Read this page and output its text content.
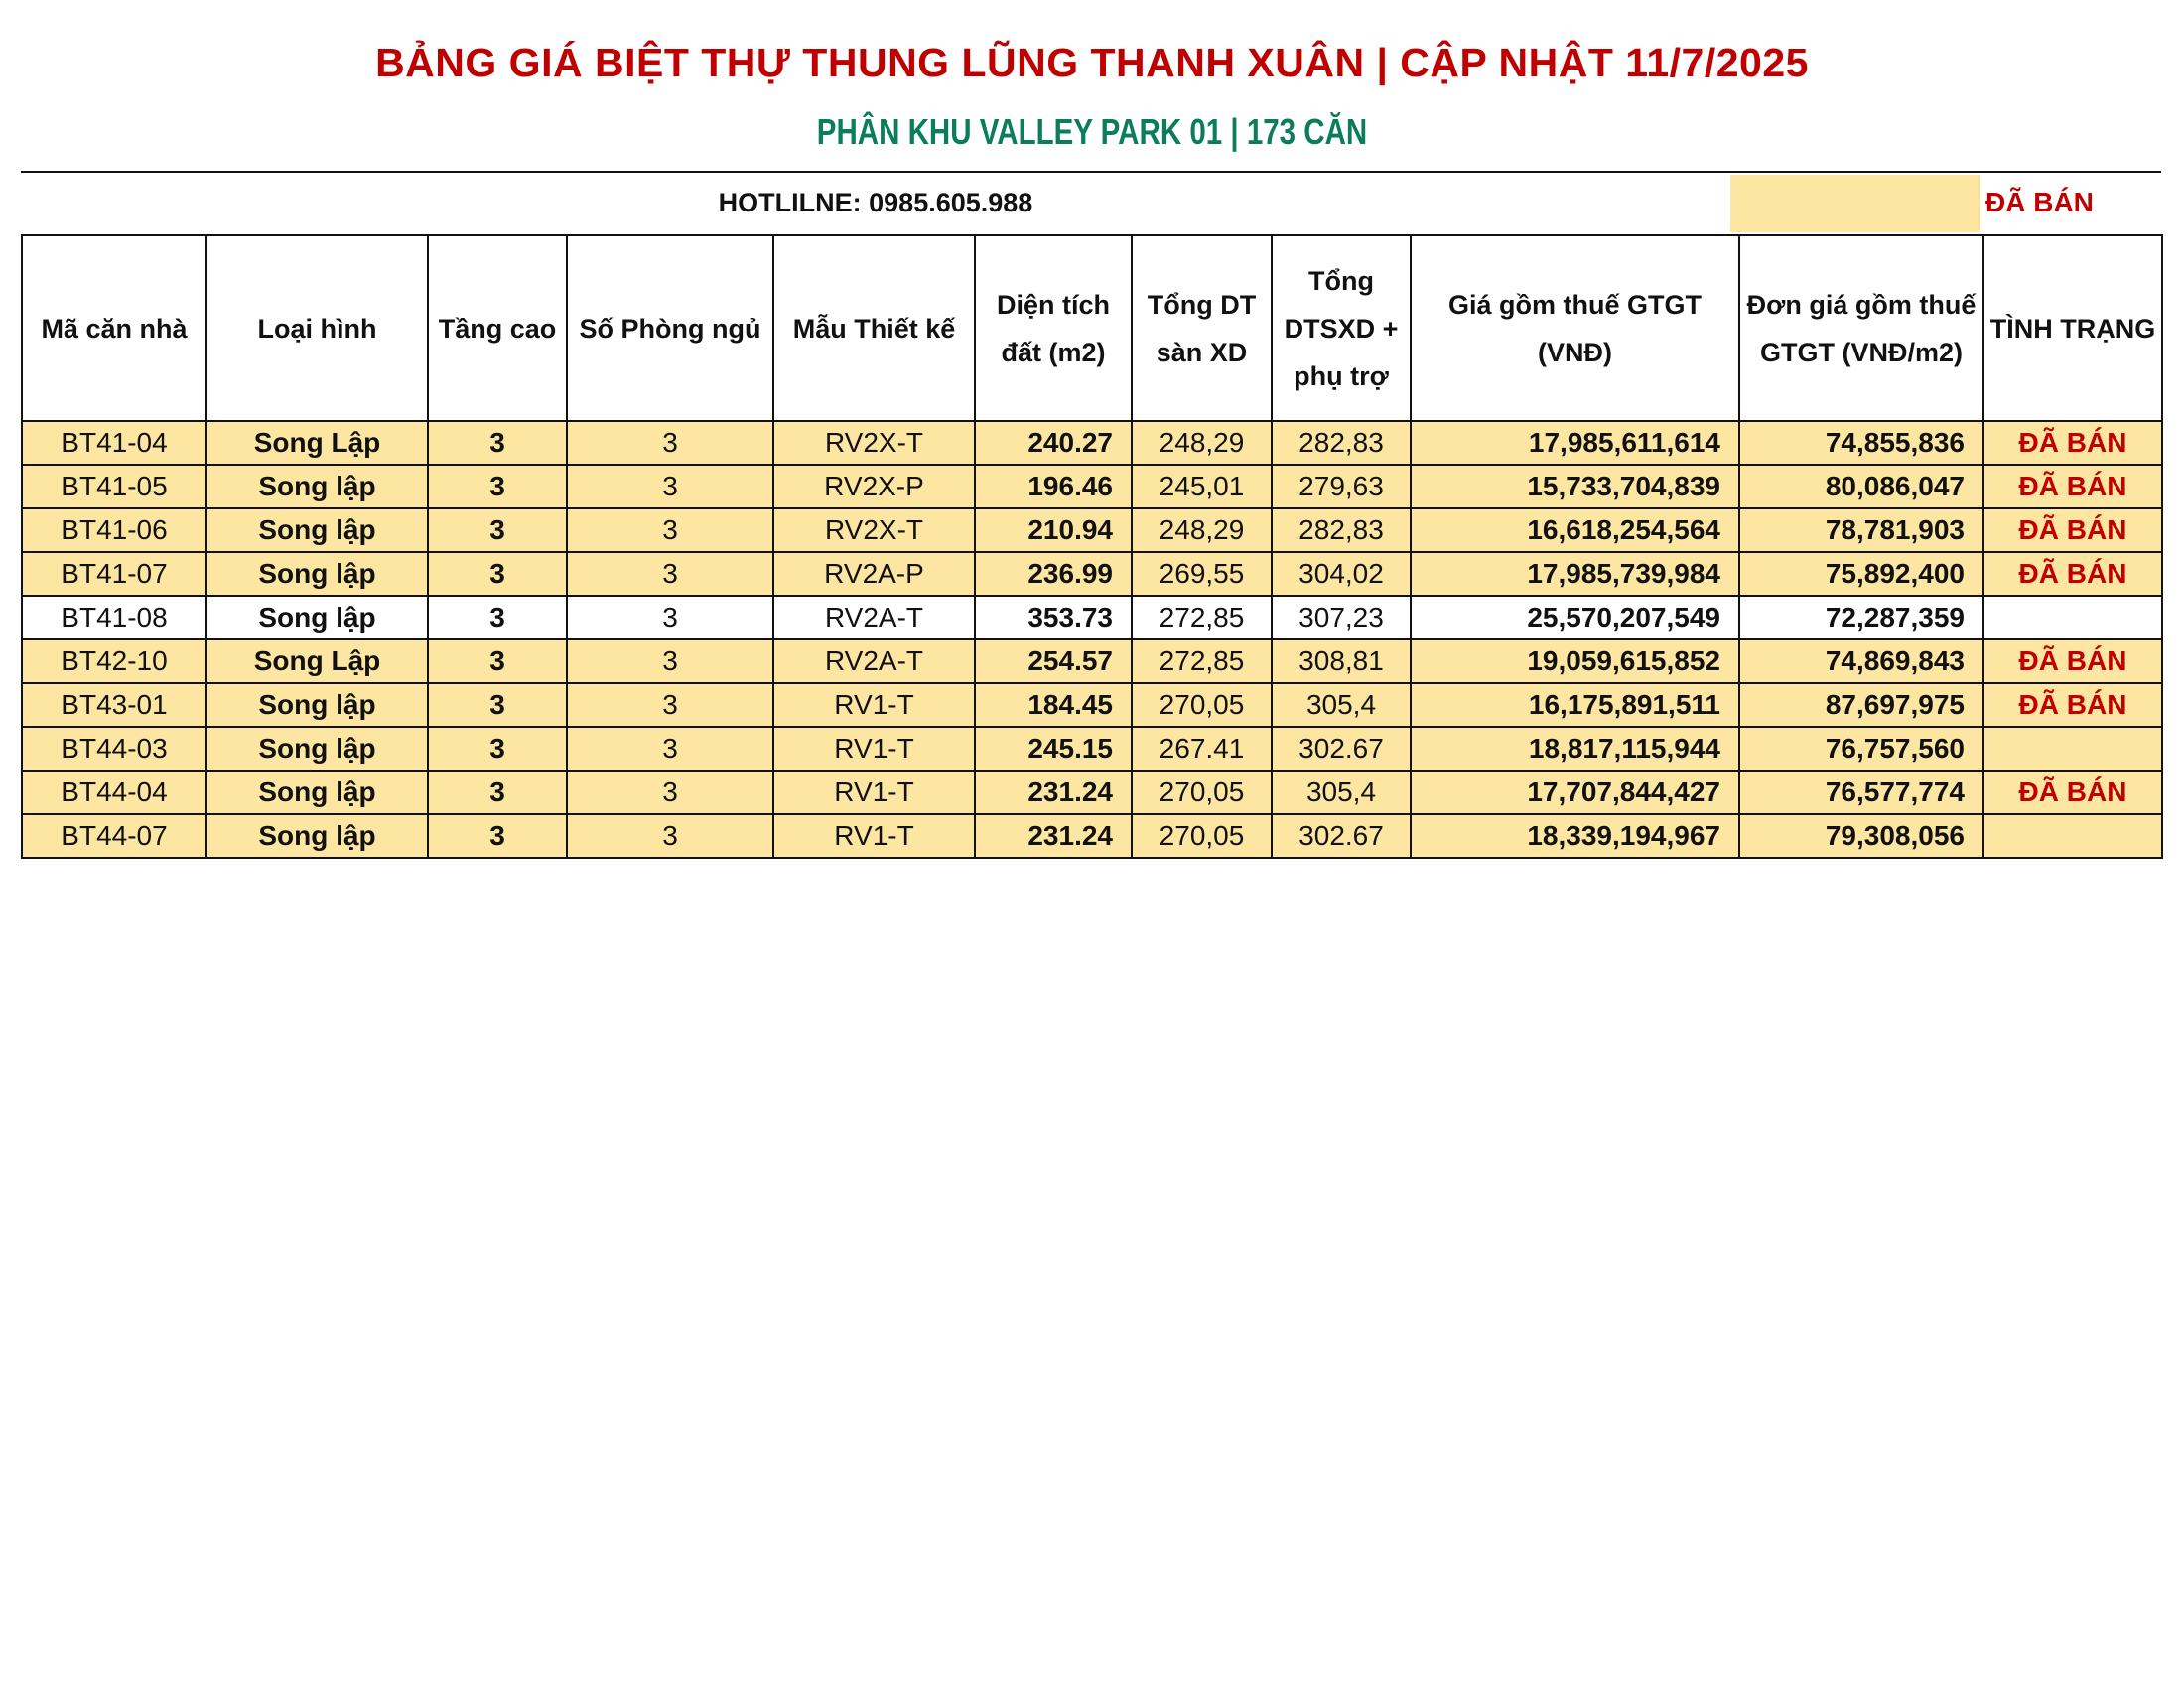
BẢNG GIÁ BIỆT THỰ THUNG LŨNG THANH XUÂN | CẬP NHẬT 11/7/2025
PHÂN KHU VALLEY PARK 01 | 173 CĂN
HOTLILNE: 0985.605.988	ĐÃ BÁN
Mã căn nhà	Loại hình	Tầng cao	Số Phòng ngủ	Mẫu Thiết kế	Diện tích đất (m2)	Tổng DT sàn XD	Tổng DTSXD + phụ trợ	Giá gồm thuế GTGT (VNĐ)	Đơn giá gồm thuế GTGT (VNĐ/m2)	TÌNH TRẠNG
BT41-04	Song Lập	3	3	RV2X-T	240.27	248,29	282,83	17,985,611,614	74,855,836	ĐÃ BÁN
BT41-05	Song lập	3	3	RV2X-P	196.46	245,01	279,63	15,733,704,839	80,086,047	ĐÃ BÁN
BT41-06	Song lập	3	3	RV2X-T	210.94	248,29	282,83	16,618,254,564	78,781,903	ĐÃ BÁN
BT41-07	Song lập	3	3	RV2A-P	236.99	269,55	304,02	17,985,739,984	75,892,400	ĐÃ BÁN
BT41-08	Song lập	3	3	RV2A-T	353.73	272,85	307,23	25,570,207,549	72,287,359	
BT42-10	Song Lập	3	3	RV2A-T	254.57	272,85	308,81	19,059,615,852	74,869,843	ĐÃ BÁN
BT43-01	Song lập	3	3	RV1-T	184.45	270,05	305,4	16,175,891,511	87,697,975	ĐÃ BÁN
BT44-03	Song lập	3	3	RV1-T	245.15	267.41	302.67	18,817,115,944	76,757,560	
BT44-04	Song lập	3	3	RV1-T	231.24	270,05	305,4	17,707,844,427	76,577,774	ĐÃ BÁN
BT44-07	Song lập	3	3	RV1-T	231.24	270,05	302.67	18,339,194,967	79,308,056	
